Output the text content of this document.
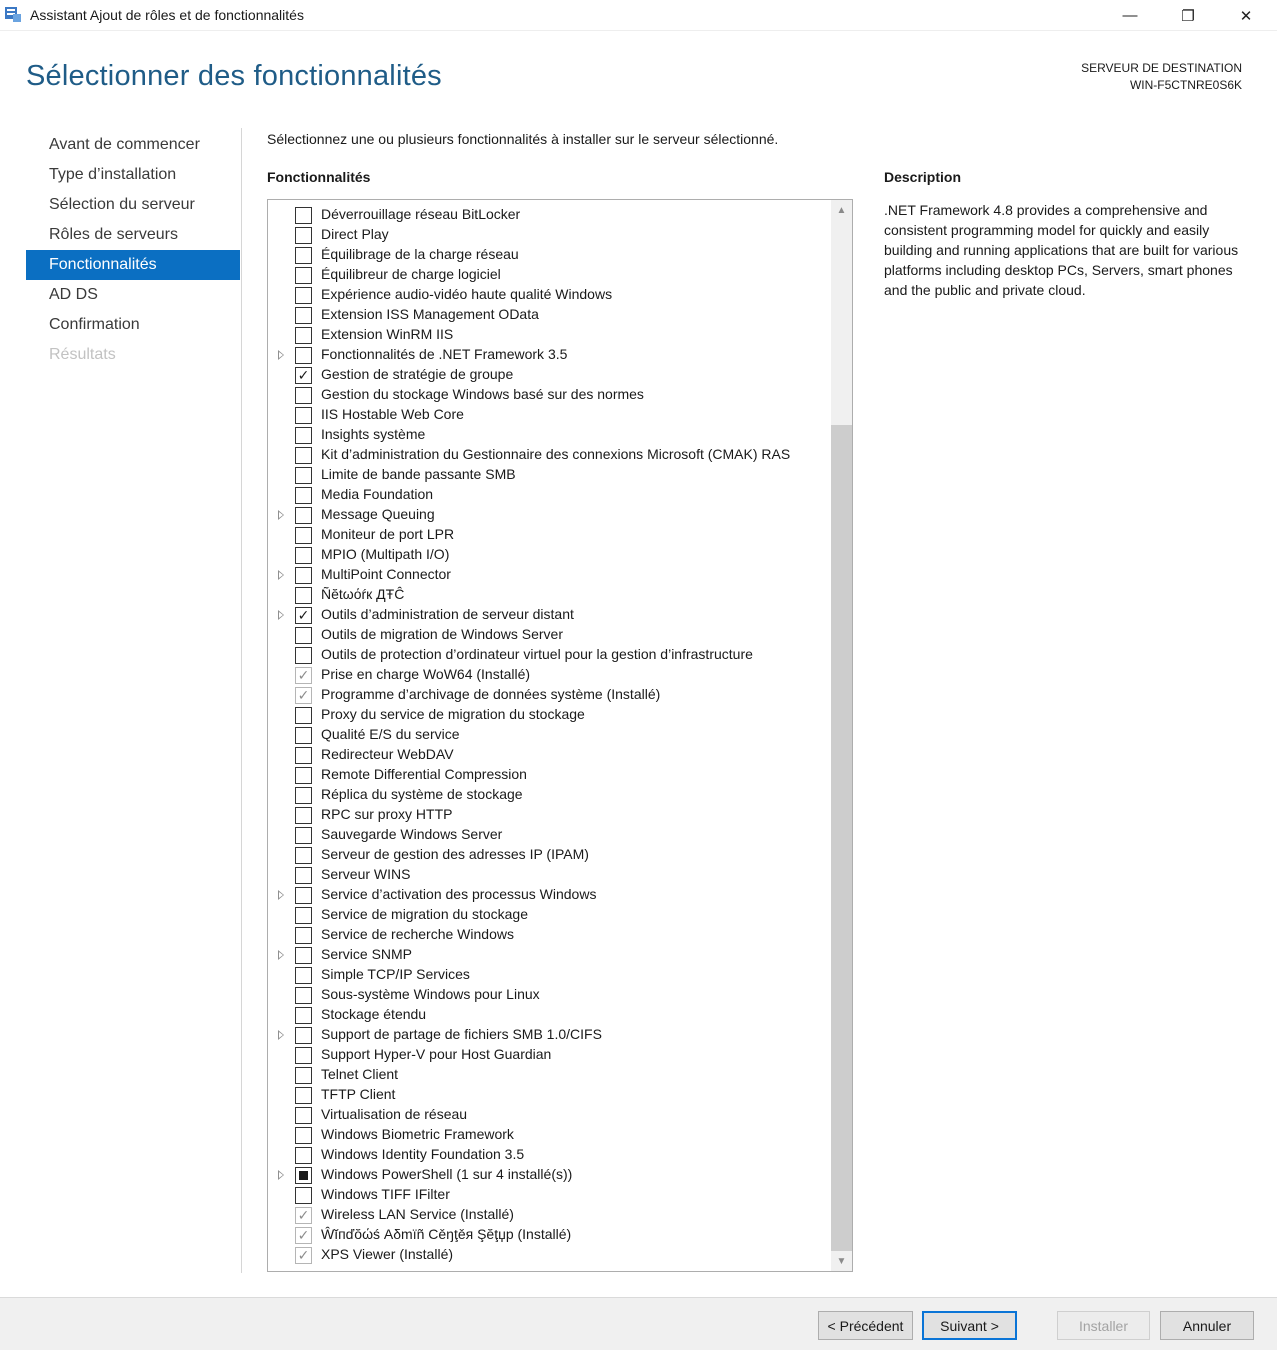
Assistant Ajout de rôles et de fonctionnalités	—	❐	✕
Sélectionner des fonctionnalités	SERVEUR DE DESTINATION
WIN-F5CTNRE0S6K
Avant de commencer
Type d’installation
Sélection du serveur
Rôles de serveurs
Fonctionnalités
AD DS
Confirmation
Résultats
Sélectionnez une ou plusieurs fonctionnalités à installer sur le serveur sélectionné.
Fonctionnalités	Description
.NET Framework 4.8 provides a comprehensive and consistent programming model for quickly and easily building and running applications that are built for various platforms including desktop PCs, Servers, smart phones and the public and private cloud.
Déverrouillage réseau BitLocker
Direct Play
Équilibrage de la charge réseau
Équilibreur de charge logiciel
Expérience audio-vidéo haute qualité Windows
Extension ISS Management OData
Extension WinRM IIS
Fonctionnalités de .NET Framework 3.5
✓ Gestion de stratégie de groupe
Gestion du stockage Windows basé sur des normes
IIS Hostable Web Core
Insights système
Kit d’administration du Gestionnaire des connexions Microsoft (CMAK) RAS
Limite de bande passante SMB
Media Foundation
Message Queuing
Moniteur de port LPR
MPIO (Multipath I/O)
MultiPoint Connector
Ñĕtωόŕк ДŦĈ
✓ Outils d’administration de serveur distant
Outils de migration de Windows Server
Outils de protection d’ordinateur virtuel pour la gestion d’infrastructure
✓ Prise en charge WoW64 (Installé)
✓ Programme d’archivage de données système (Installé)
Proxy du service de migration du stockage
Qualité E/S du service
Redirecteur WebDAV
Remote Differential Compression
Réplica du système de stockage
RPC sur proxy HTTP
Sauvegarde Windows Server
Serveur de gestion des adresses IP (IPAM)
Serveur WINS
Service d’activation des processus Windows
Service de migration du stockage
Service de recherche Windows
Service SNMP
Simple TCP/IP Services
Sous-système Windows pour Linux
Stockage étendu
Support de partage de fichiers SMB 1.0/CIFS
Support Hyper-V pour Host Guardian
Telnet Client
TFTP Client
Virtualisation de réseau
Windows Biometric Framework
Windows Identity Foundation 3.5
Windows PowerShell (1 sur 4 installé(s))
Windows TIFF IFilter
✓ Wireless LAN Service (Installé)
✓ Ŵĭпďŏώś Аδmïñ Сěŋţěя Şĕţџp (Installé)
✓ XPS Viewer (Installé)
▲
▼
< Précédent	Suivant >	Installer	Annuler
